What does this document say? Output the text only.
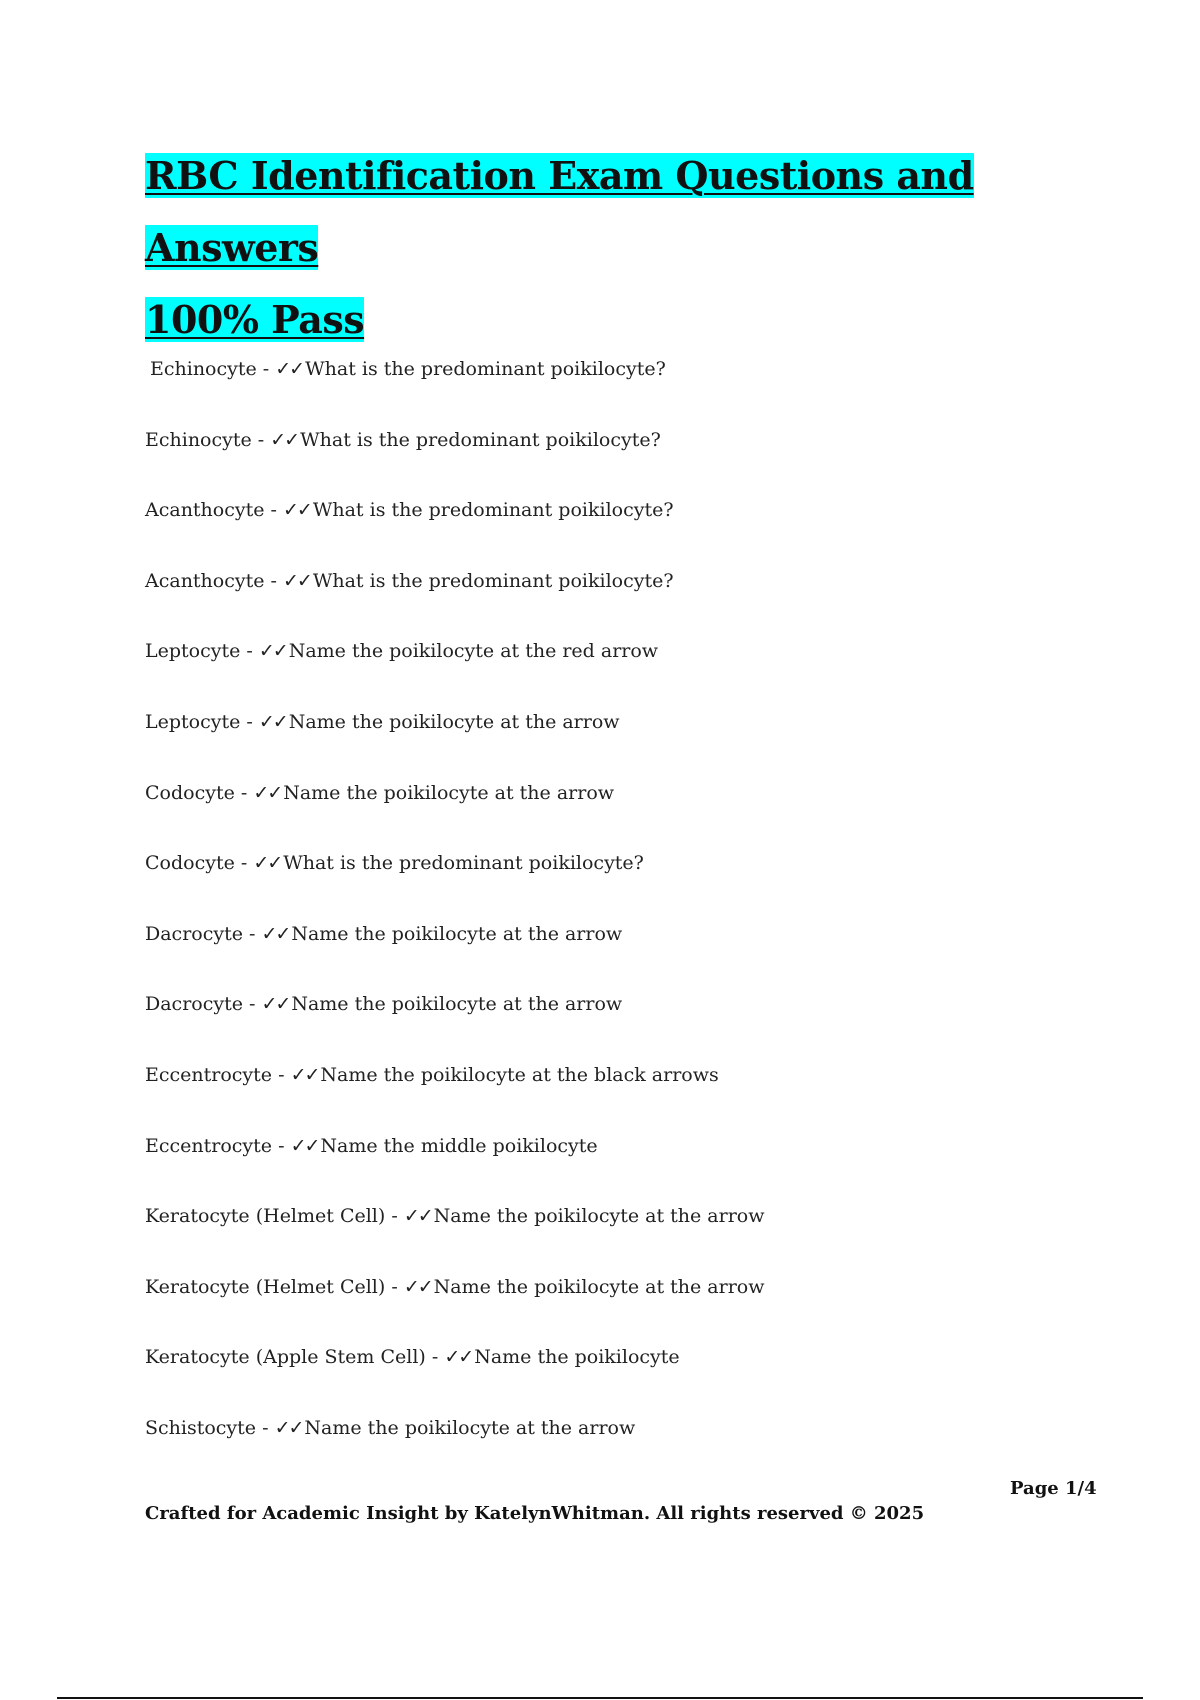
RBC Identification Exam Questions and Answers
100% Pass
Echinocyte - ✓✓ What is the predominant poikilocyte?
Echinocyte - ✓✓ What is the predominant poikilocyte?
Acanthocyte - ✓✓ What is the predominant poikilocyte?
Acanthocyte - ✓✓ What is the predominant poikilocyte?
Leptocyte - ✓✓ Name the poikilocyte at the red arrow
Leptocyte - ✓✓ Name the poikilocyte at the arrow
Codocyte - ✓✓ Name the poikilocyte at the arrow
Codocyte - ✓✓ What is the predominant poikilocyte?
Dacrocyte - ✓✓ Name the poikilocyte at the arrow
Dacrocyte - ✓✓ Name the poikilocyte at the arrow
Eccentrocyte - ✓✓ Name the poikilocyte at the black arrows
Eccentrocyte - ✓✓ Name the middle poikilocyte
Keratocyte (Helmet Cell) - ✓✓ Name the poikilocyte at the arrow
Keratocyte (Helmet Cell) - ✓✓ Name the poikilocyte at the arrow
Keratocyte (Apple Stem Cell) - ✓✓ Name the poikilocyte
Schistocyte - ✓✓ Name the poikilocyte at the arrow
Page 1/4
Crafted for Academic Insight by KatelynWhitman. All rights reserved © 2025
